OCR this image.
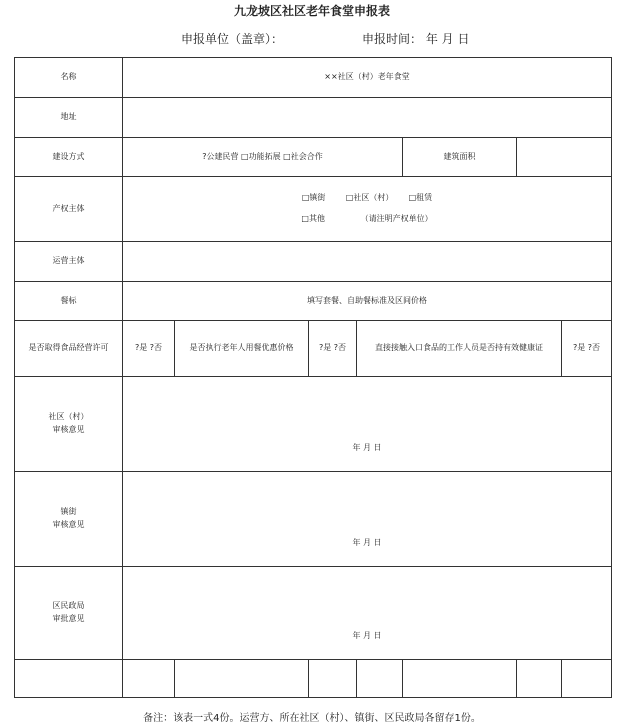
九龙坡区社区老年食堂申报表
申报单位（盖章）：	申报时间： 年 月 日
名称	××社区（村）老年食堂						
地址							
建设方式	?公建民营 □功能拓展 □社会合作				建筑面积		
产权主体	□镇街        □社区（村）      □租赁
□其他              （请注明产权单位）						

运营主体							
餐标	填写套餐、自助餐标准及区间价格						
是否取得食品经营许可	?是 ?否	是否执行老年人用餐优惠价格	?是 ?否	直接接触入口食品的工作人员是否持有效健康证			?是 ?否

社区（村）
审核意见	年 月 日						

镇街
审核意见	年 月 日						

区民政局
审批意见	年 月 日						

备注：该表一式4份。运营方、所在社区（村）、镇街、区民政局各留存1份。
